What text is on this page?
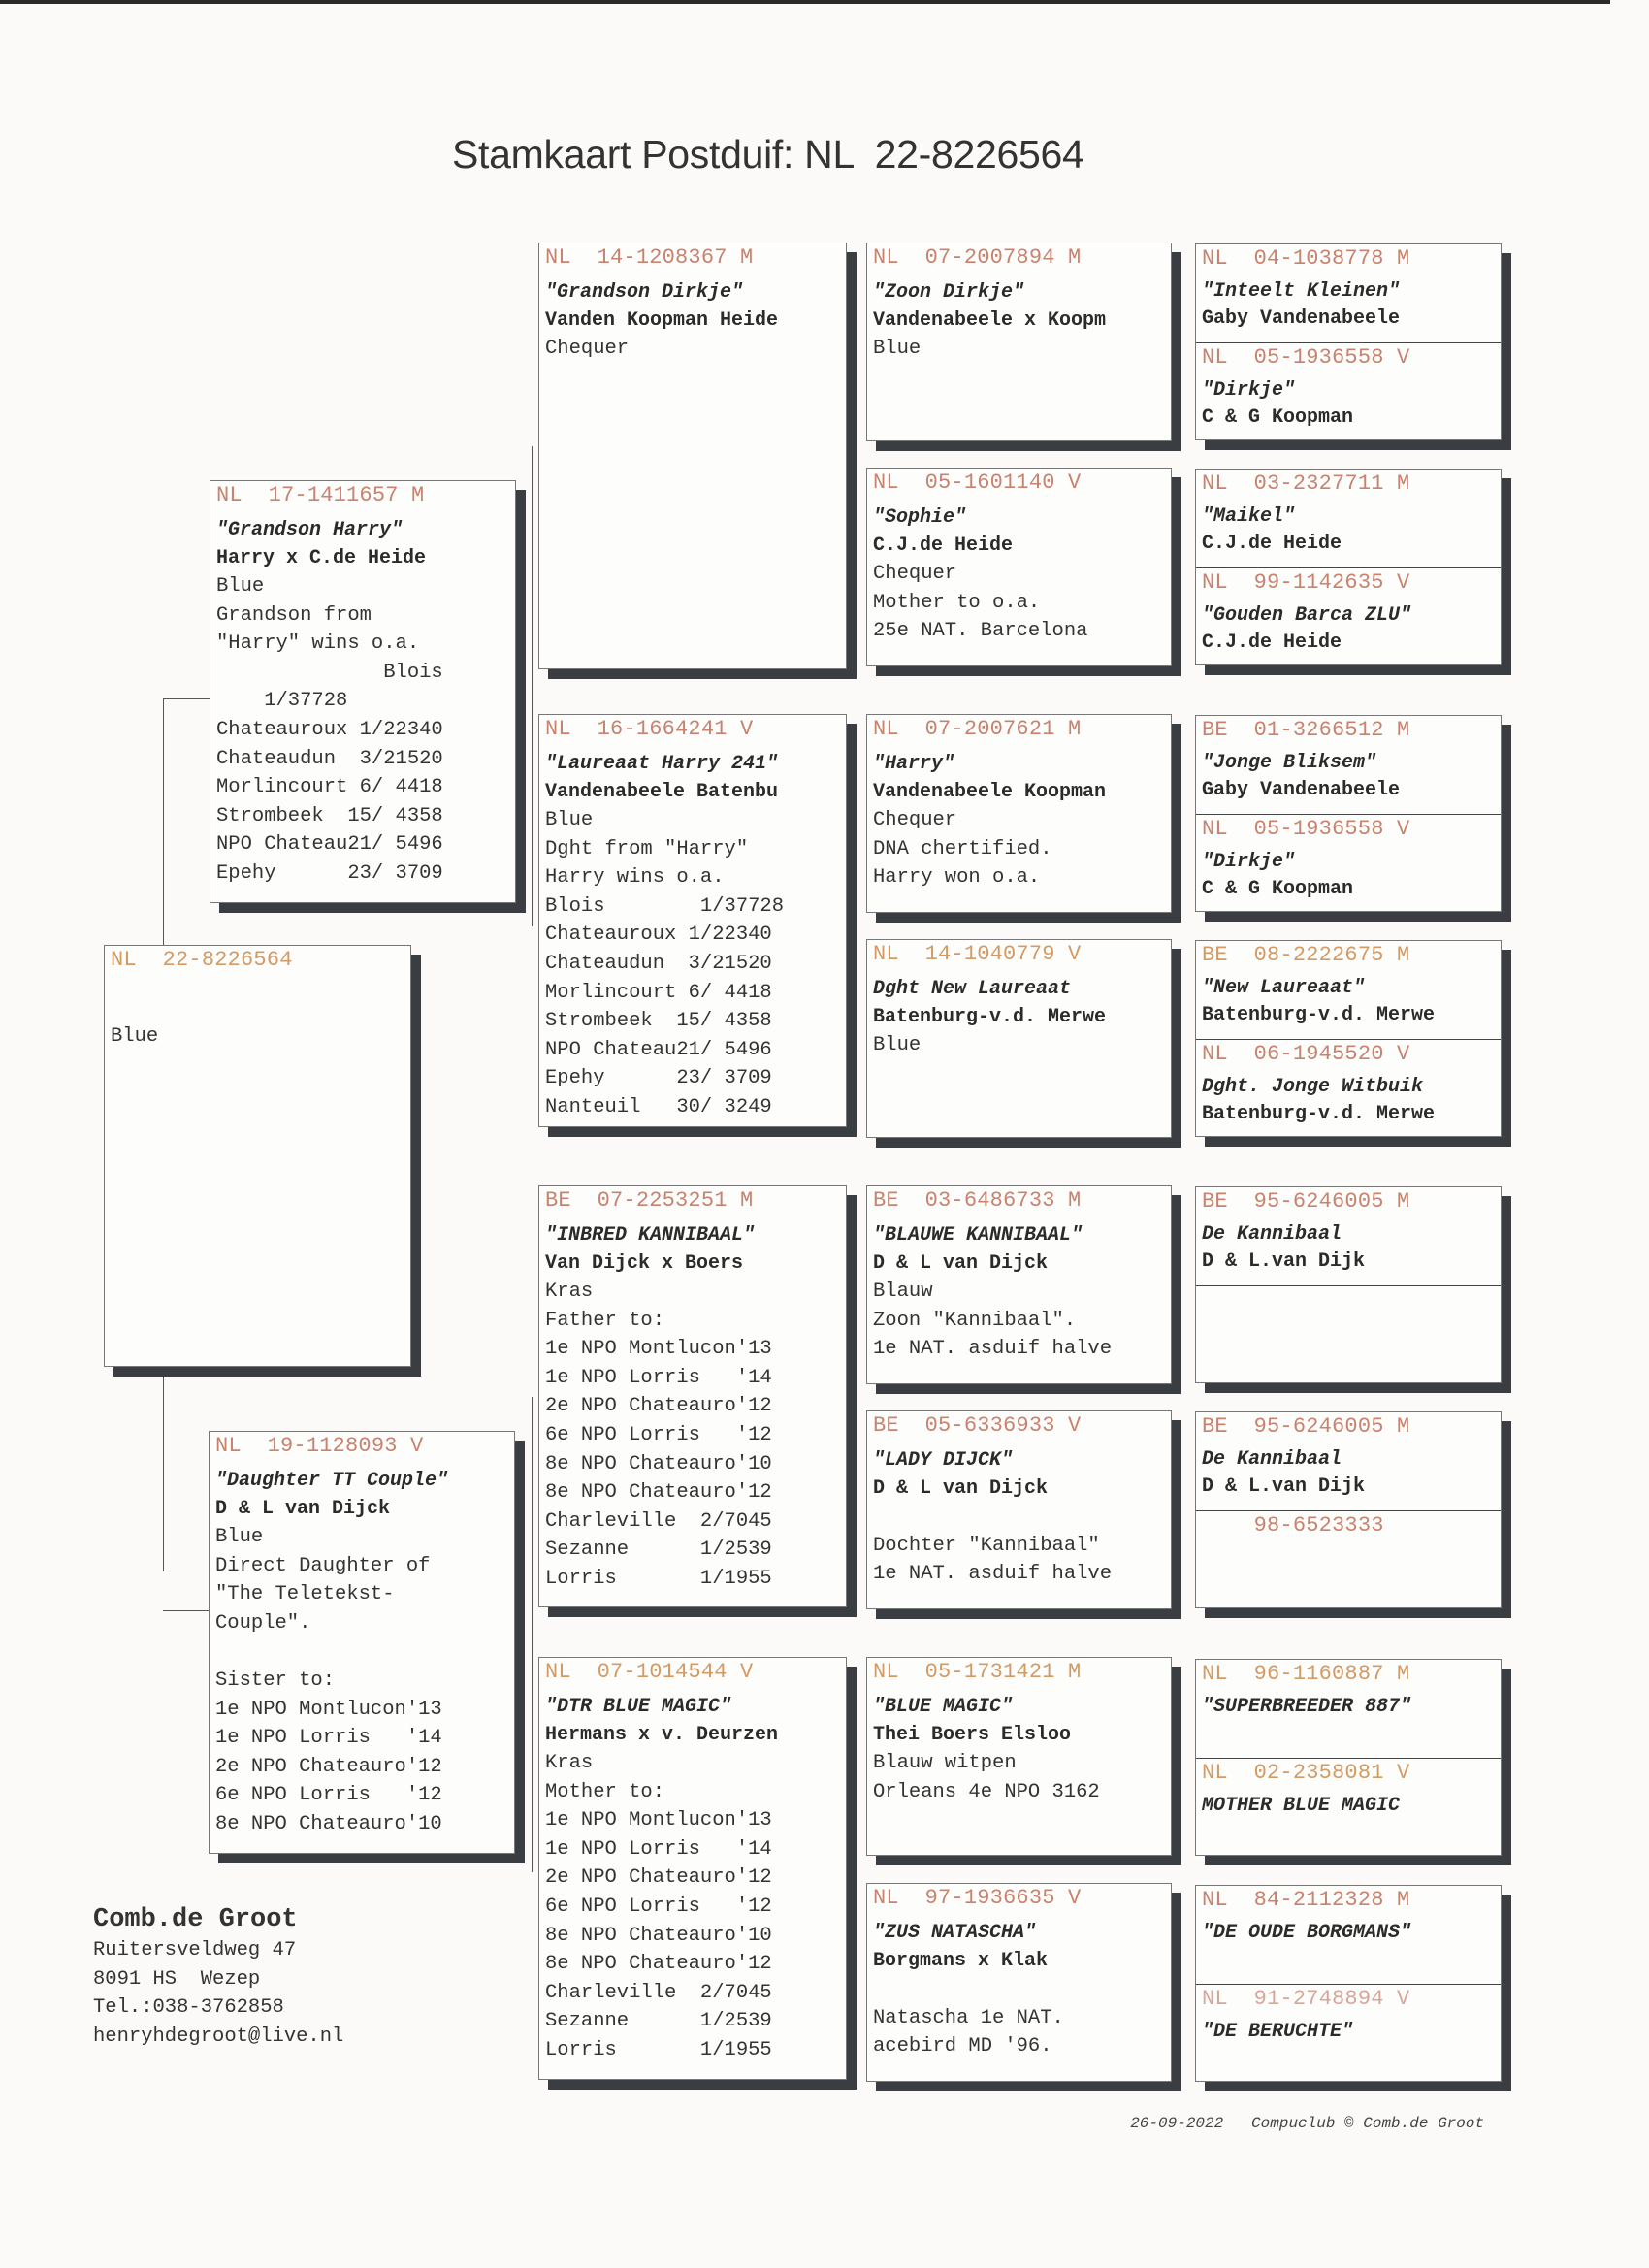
Stamkaart Postduif: NL  22-8226564
NL  22-8226564
Blue
NL  17-1411657 M
"Grandson Harry"
Harry x C.de Heide
Blue
Grandson from
"Harry" wins o.a.
Blois
1/37728
Chateauroux 1/22340
Chateaudun  3/21520
Morlincourt 6/ 4418
Strombeek  15/ 4358
NPO Chateau21/ 5496
Epehy      23/ 3709
NL  19-1128093 V
"Daughter TT Couple"
D & L van Dijck
Blue
Direct Daughter of
"The Teletekst-
Couple".
Sister to:
1e NPO Montlucon'13
1e NPO Lorris   '14
2e NPO Chateauro'12
6e NPO Lorris   '12
8e NPO Chateauro'10
NL  14-1208367 M
"Grandson Dirkje"
Vanden Koopman Heide
Chequer
NL  16-1664241 V
"Laureaat Harry 241"
Vandenabeele Batenbu
Blue
Dght from "Harry"
Harry wins o.a.
Blois        1/37728
Chateauroux 1/22340
Chateaudun  3/21520
Morlincourt 6/ 4418
Strombeek  15/ 4358
NPO Chateau21/ 5496
Epehy      23/ 3709
Nanteuil   30/ 3249
BE  07-2253251 M
"INBRED KANNIBAAL"
Van Dijck x Boers
Kras
Father to:
1e NPO Montlucon'13
1e NPO Lorris   '14
2e NPO Chateauro'12
6e NPO Lorris   '12
8e NPO Chateauro'10
8e NPO Chateauro'12
Charleville  2/7045
Sezanne      1/2539
Lorris       1/1955
NL  07-1014544 V
"DTR BLUE MAGIC"
Hermans x v. Deurzen
Kras
Mother to:
1e NPO Montlucon'13
1e NPO Lorris   '14
2e NPO Chateauro'12
6e NPO Lorris   '12
8e NPO Chateauro'10
8e NPO Chateauro'12
Charleville  2/7045
Sezanne      1/2539
Lorris       1/1955
NL  07-2007894 M
"Zoon Dirkje"
Vandenabeele x Koopm
Blue
NL  05-1601140 V
"Sophie"
C.J.de Heide
Chequer
Mother to o.a.
25e NAT. Barcelona
NL  07-2007621 M
"Harry"
Vandenabeele Koopman
Chequer
DNA chertified.
Harry won o.a.
NL  14-1040779 V
Dght New Laureaat
Batenburg-v.d. Merwe
Blue
BE  03-6486733 M
"BLAUWE KANNIBAAL"
D & L van Dijck
Blauw
Zoon "Kannibaal".
1e NAT. asduif halve
BE  05-6336933 V
"LADY DIJCK"
D & L van Dijck
Dochter "Kannibaal"
1e NAT. asduif halve
NL  05-1731421 M
"BLUE MAGIC"
Thei Boers Elsloo
Blauw witpen
Orleans 4e NPO 3162
NL  97-1936635 V
"ZUS NATASCHA"
Borgmans x Klak
Natascha 1e NAT.
acebird MD '96.
NL  04-1038778 M
"Inteelt Kleinen"
Gaby Vandenabeele
NL  05-1936558 V
"Dirkje"
C & G Koopman
NL  03-2327711 M
"Maikel"
C.J.de Heide
NL  99-1142635 V
"Gouden Barca ZLU"
C.J.de Heide
BE  01-3266512 M
"Jonge Bliksem"
Gaby Vandenabeele
NL  05-1936558 V
"Dirkje"
C & G Koopman
BE  08-2222675 M
"New Laureaat"
Batenburg-v.d. Merwe
NL  06-1945520 V
Dght. Jonge Witbuik
Batenburg-v.d. Merwe
BE  95-6246005 M
De Kannibaal
D & L.van Dijk
BE  95-6246005 M
De Kannibaal
D & L.van Dijk
98-6523333
NL  96-1160887 M
"SUPERBREEDER 887"
NL  02-2358081 V
MOTHER BLUE MAGIC
NL  84-2112328 M
"DE OUDE BORGMANS"
NL  91-2748894 V
"DE BERUCHTE"
Comb.de Groot
Ruitersveldweg 47
8091 HS  Wezep
Tel.:038-3762858
henryhdegroot@live.nl

26-09-2022 Compuclub © Comb.de Groot
